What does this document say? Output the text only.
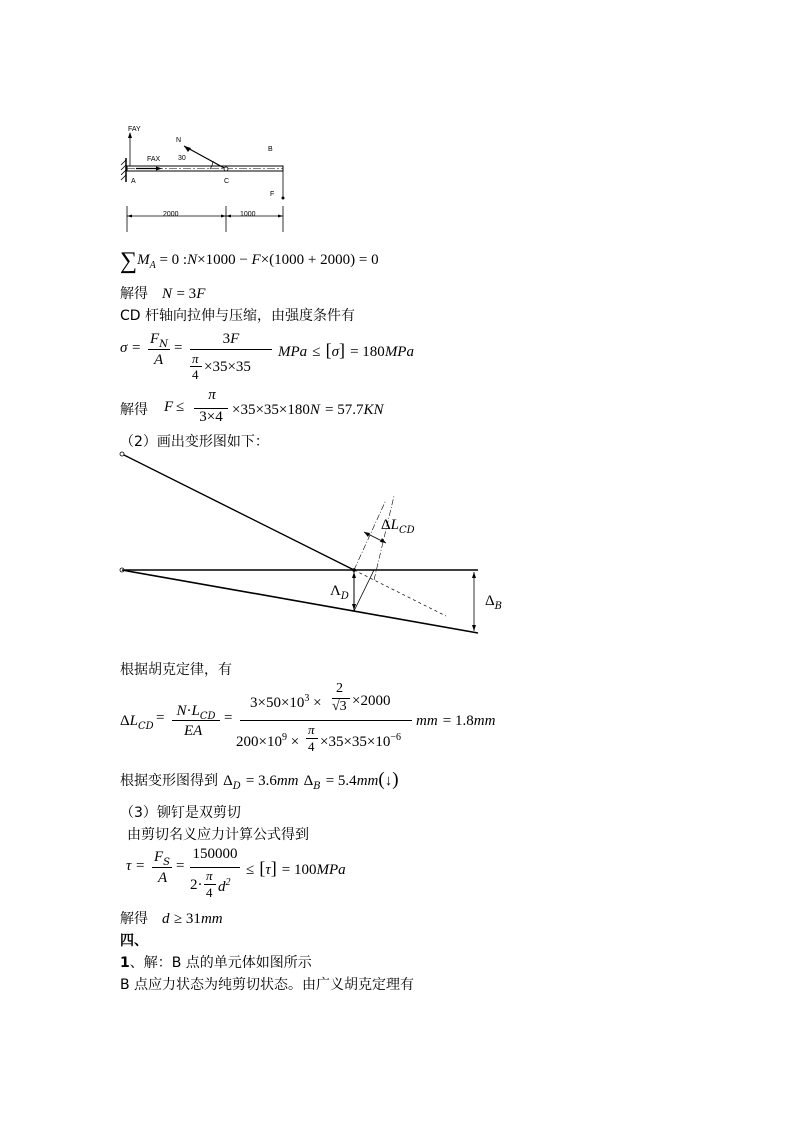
FAY
FAX
N
30
B
A	C
F
2000	1000
$\sum M_A = 0$ :N×1000 − F×(1000 + 2000) = 0
解得　N = 3F
CD 杆轴向拉伸与压缩，由强度条件有
σ =
$F_N$
A
=
3F
π
4 ×35×35
MPa ≤ [σ] = 180MPa
解得 F ≤
π
3×4 ×35×35×180N = 57.7KN
（2）画出变形图如下：
$\Delta L_{CD}$
$\Lambda_D$	$\Delta_B$
根据胡克定律，有
$\Delta L_{CD}$
= $N\cdot L_{CD}$
EA
=
$3\times 50\times 10^3$ ×
2
√3 ×2000
$200\times 10^9$ ×
π
$4 \times 35\times 35\times 10^{-6}$
mm = 1.8mm
根据变形图得到 $\Delta_D = 3.6mm$ $\Delta_B$ = 5.4mm(↓)
（3）铆钉是双剪切
由剪切名义应力计算公式得到
τ =
$F_S$
A
=
150000
2·
π
4 $d^2$
≤ [τ] = 100MPa
解得　d ≥ 31mm
四、
1、解：B 点的单元体如图所示
B 点应力状态为纯剪切状态。由广义胡克定理有
